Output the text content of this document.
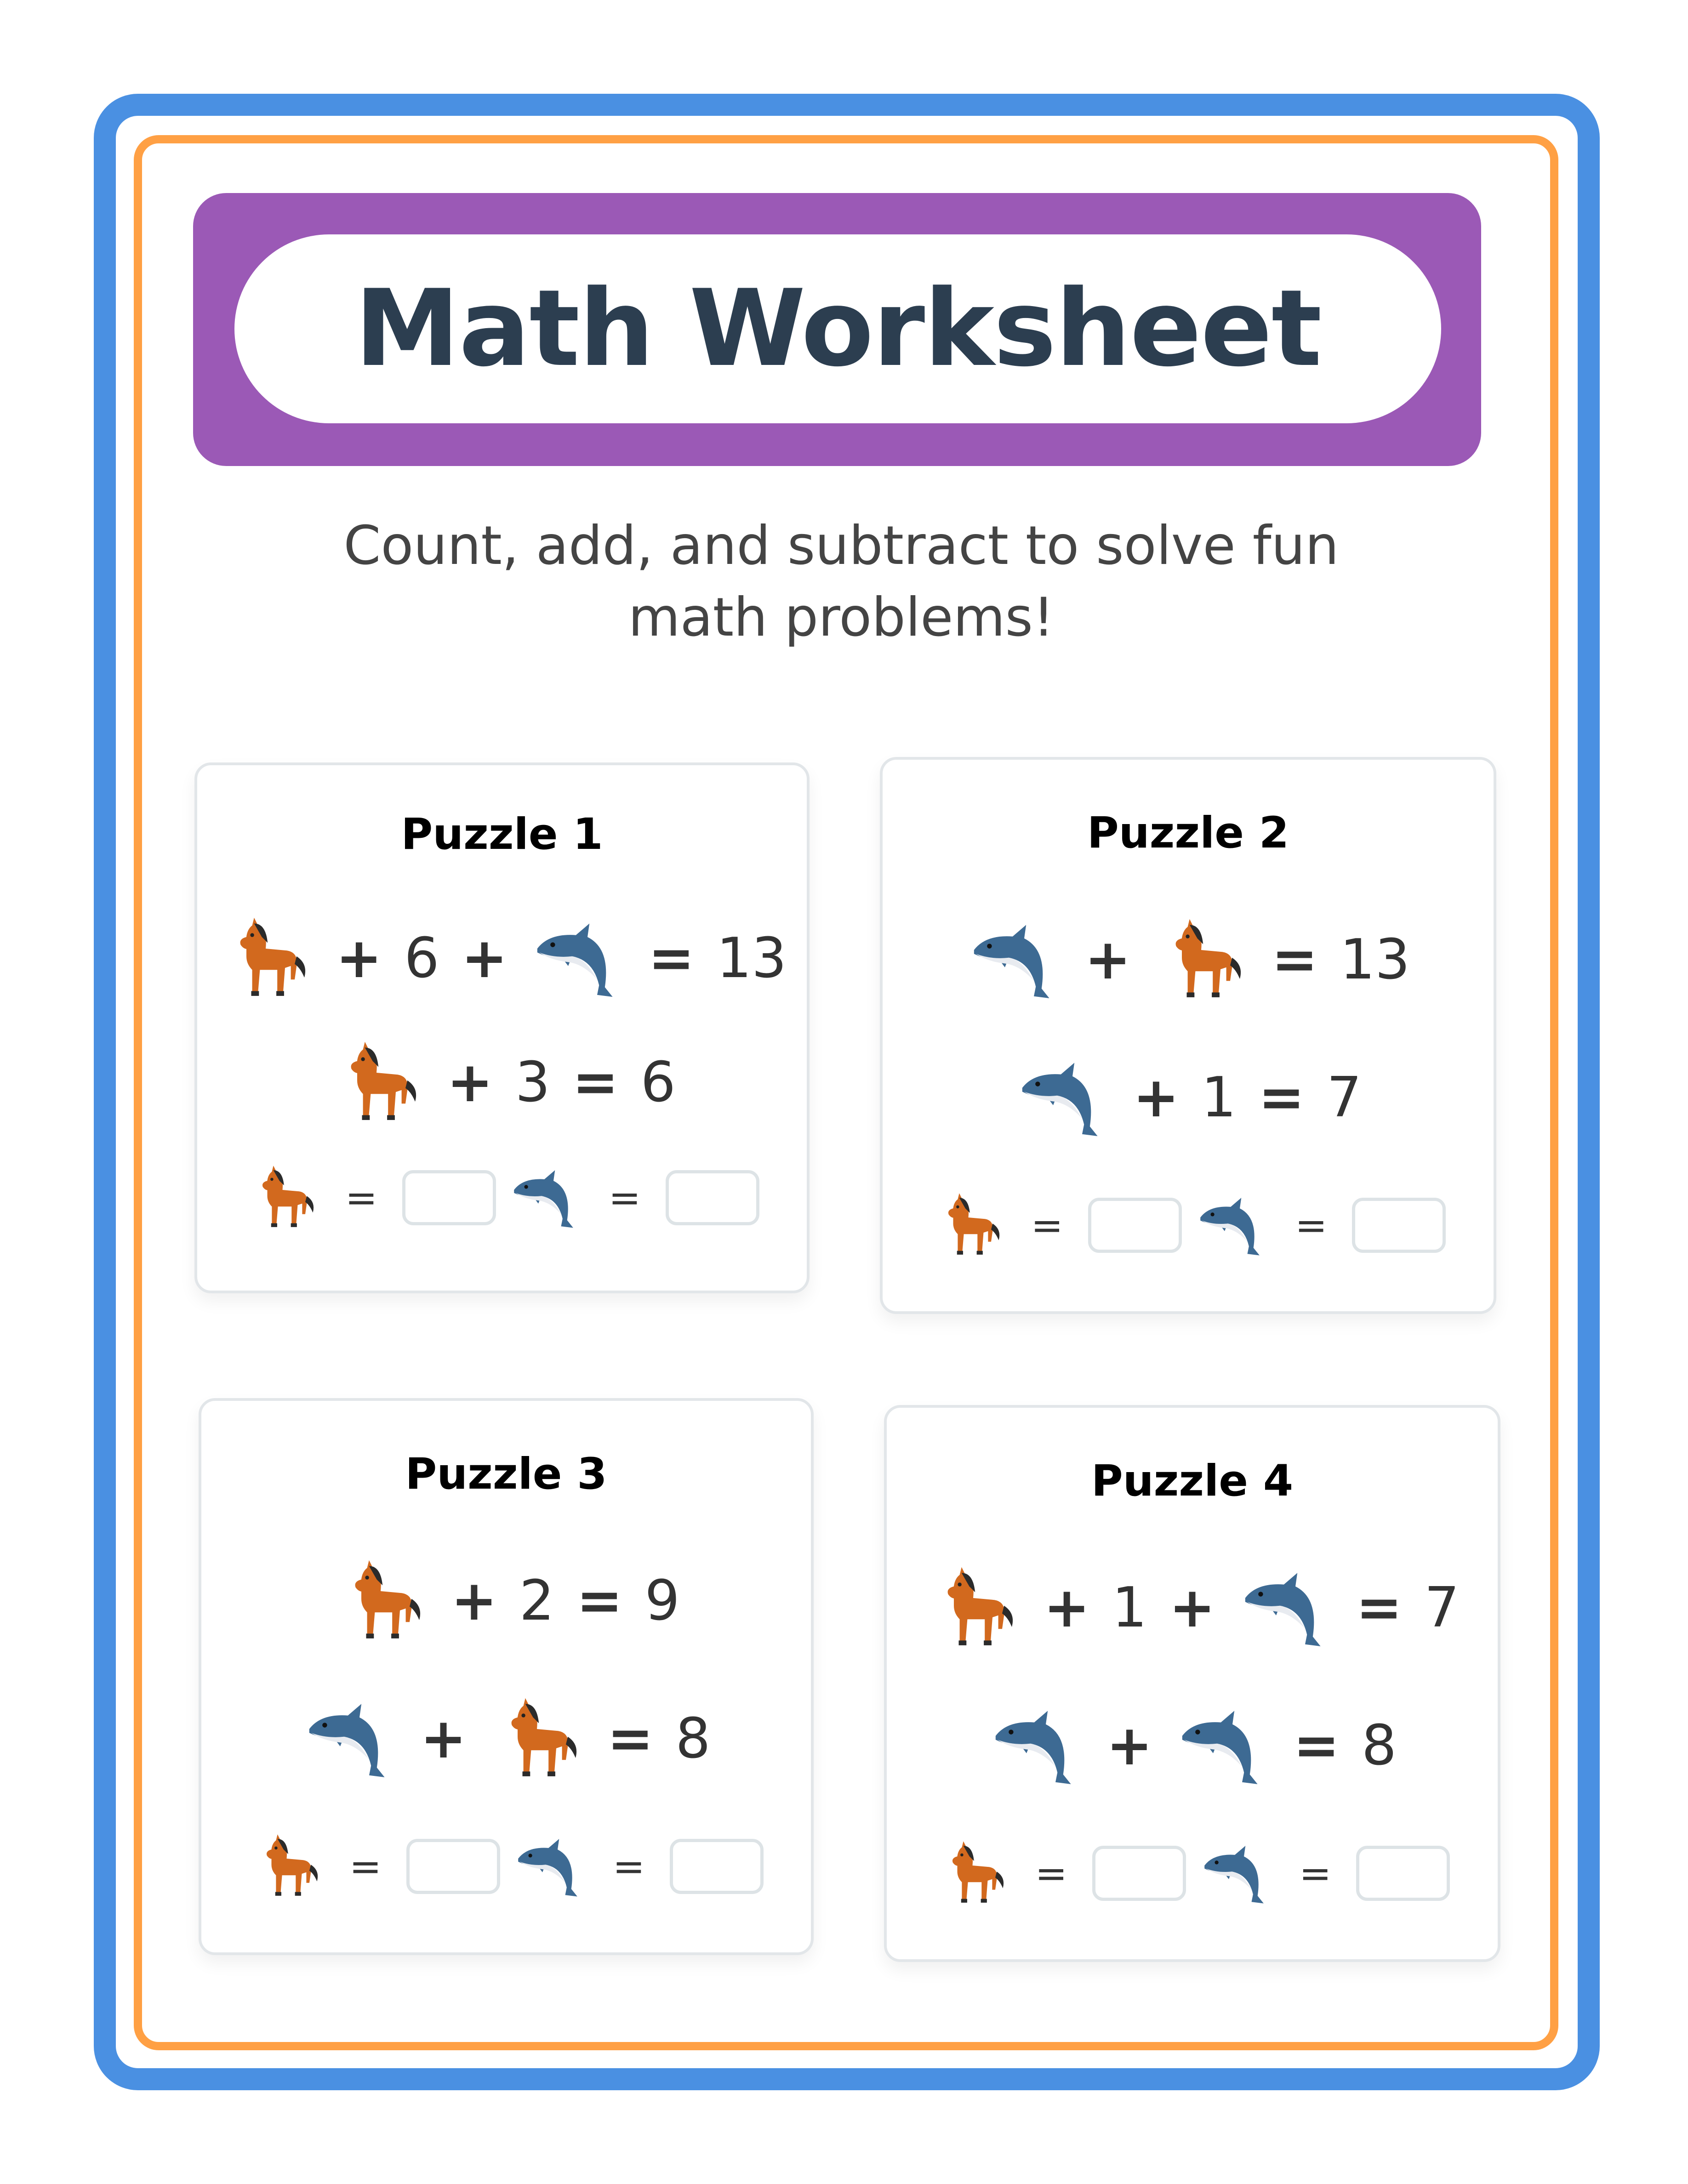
Math Worksheet
Count, add, and subtract to solve fun math problems!
Puzzle 1
+ 6 +	= 13
+ 3 = 6
=	=
Puzzle 2
+	= 13
+ 1 = 7
=	=
Puzzle 3
+ 2 = 9
+	= 8
=	=
Puzzle 4
+ 1 +	= 7
+	= 8
=	=
